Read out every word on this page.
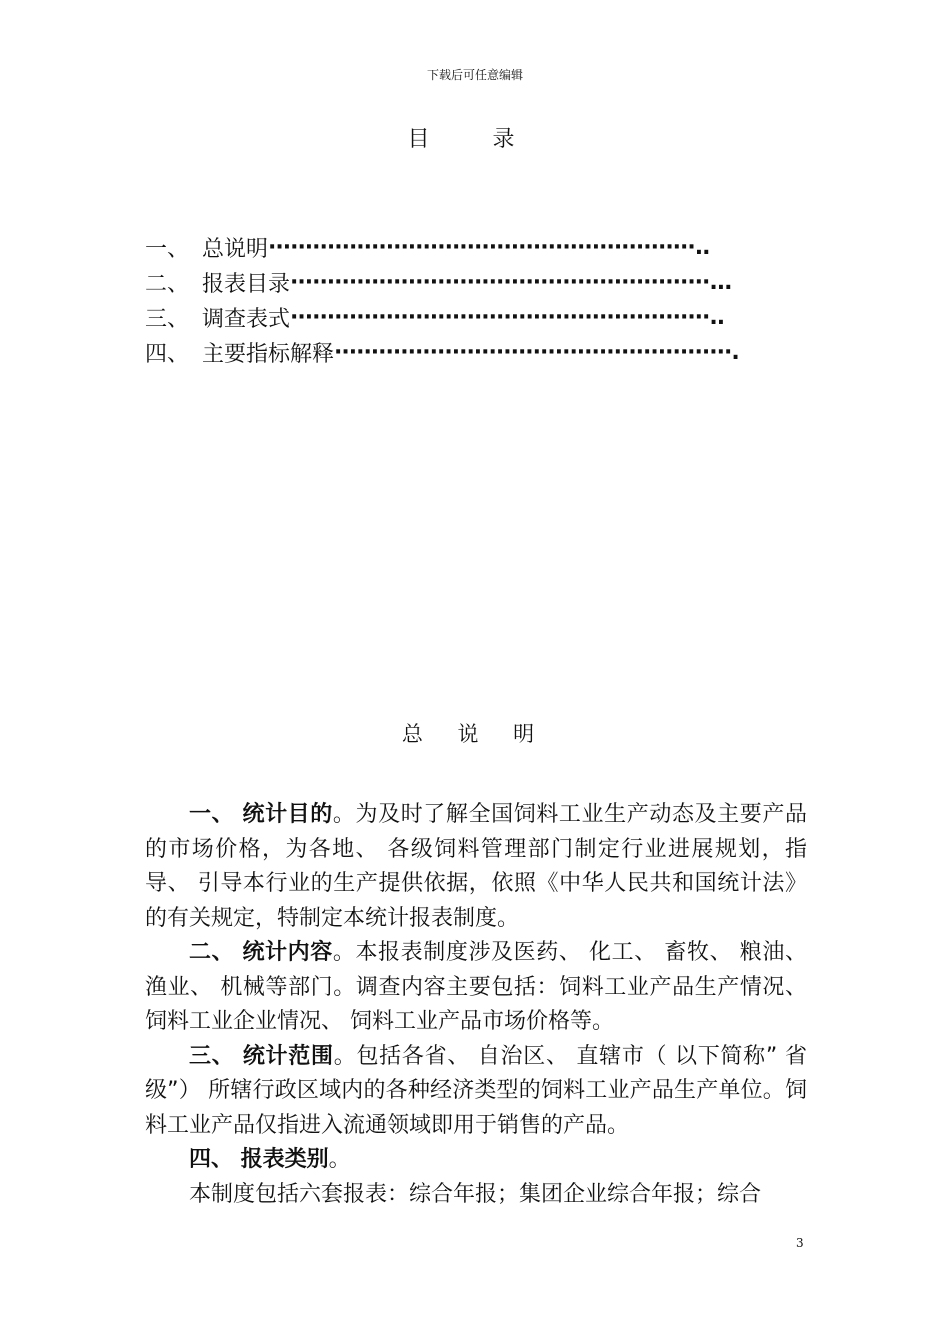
下载后可任意编辑
目 录
一、 总说明 ··························································..
二、 报表目录 ·························································...
三、 调查表式 ·························································..
四、 主要指标解释 ······················································.
总 说 明

一、 统计目的。为及时了解全国饲料工业生产动态及主要产品的市场价格，为各地、 各级饲料管理部门制定行业进展规划，指导、 引导本行业的生产提供依据，依照《中华人民共和国统计法》的有关规定，特制定本统计报表制度。

二、 统计内容。本报表制度涉及医药、 化工、 畜牧、 粮油、 渔业、 机械等部门。调查内容主要包括：饲料工业产品生产情况、 饲料工业企业情况、 饲料工业产品市场价格等。

三、 统计范围。包括各省、 自治区、 直辖市（ 以下简称” 省级”） 所辖行政区域内的各种经济类型的饲料工业产品生产单位。饲料工业产品仅指进入流通领域即用于销售的产品。

四、 报表类别。

本制度包括六套报表：综合年报；集团企业综合年报；综合

3
